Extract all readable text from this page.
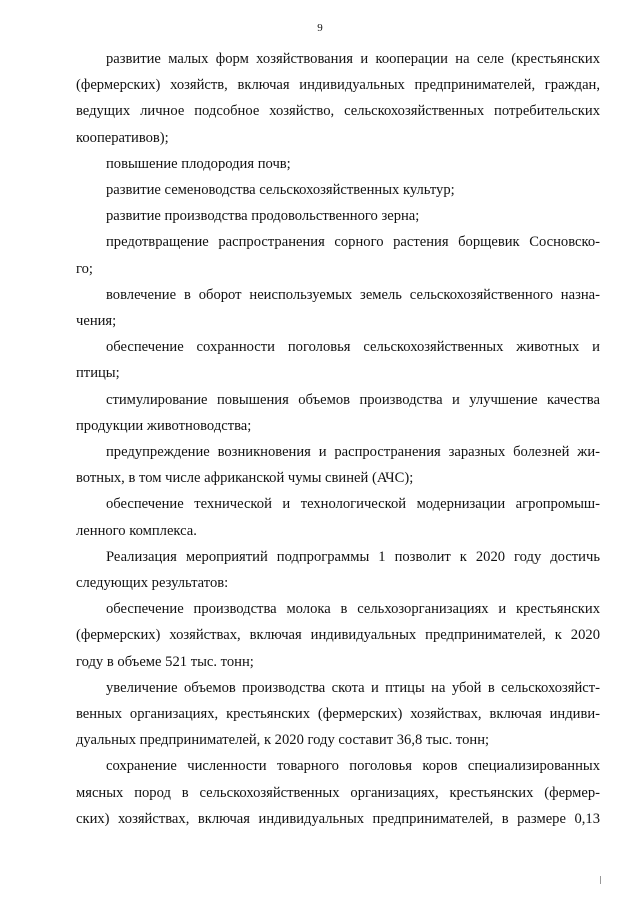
9
развитие малых форм хозяйствования и кооперации на селе (крестьянских
(фермерских) хозяйств, включая индивидуальных предпринимателей, граждан,
ведущих личное подсобное хозяйство, сельскохозяйственных потребительских
кооперативов);
повышение плодородия почв;
развитие семеноводства сельскохозяйственных культур;
развитие производства продовольственного зерна;
предотвращение распространения сорного растения борщевик Сосновско-
го;
вовлечение в оборот неиспользуемых земель сельскохозяйственного назна-
чения;
обеспечение сохранности поголовья сельскохозяйственных животных и
птицы;
стимулирование повышения объемов производства и улучшение качества
продукции животноводства;
предупреждение возникновения и распространения заразных болезней жи-
вотных, в том числе африканской чумы свиней (АЧС);
обеспечение технической и технологической модернизации агропромыш-
ленного комплекса.
Реализация мероприятий подпрограммы 1 позволит к 2020 году достичь
следующих результатов:
обеспечение производства молока в сельхозорганизациях и крестьянских
(фермерских) хозяйствах, включая индивидуальных предпринимателей, к 2020
году в объеме 521 тыс. тонн;
увеличение объемов производства скота и птицы на убой в сельскохозяйст-
венных организациях, крестьянских (фермерских) хозяйствах, включая индиви-
дуальных предпринимателей, к 2020 году составит 36,8 тыс. тонн;
сохранение численности товарного поголовья коров специализированных
мясных пород в сельскохозяйственных организациях, крестьянских (фермер-
ских) хозяйствах, включая индивидуальных предпринимателей, в размере 0,13
